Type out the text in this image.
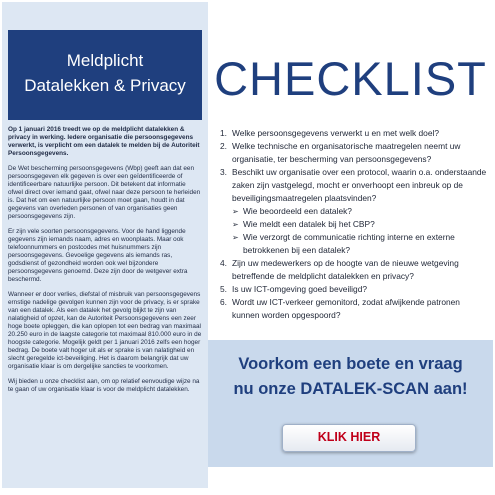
Meldplicht
Datalekken & Privacy

Op 1 januari 2016 treedt we op de meldplicht datalekken & privacy in werking. Iedere organisatie die persoonsgegevens verwerkt, is verplicht om een datalek te melden bij de Autoriteit Persoonsgegevens.

De Wet bescherming persoonsgegevens (Wbp) geeft aan dat een persoonsgegeven elk gegeven is over een geïdentificeerde of identificeerbare natuurlijke persoon. Dit betekent dat informatie ofwel direct over iemand gaat, ofwel naar deze persoon te herleiden is. Dat het om een natuurlijke persoon moet gaan, houdt in dat gegevens van overleden personen of van organisaties geen persoonsgegevens zijn.

Er zijn vele soorten persoonsgegevens. Voor de hand liggende gegevens zijn iemands naam, adres en woonplaats. Maar ook telefoonnummers en postcodes met huisnummers zijn persoonsgegevens. Gevoelige gegevens als iemands ras, godsdienst of gezondheid worden ook wel bijzondere persoonsgegevens genoemd. Deze zijn door de wetgever extra beschermd.

Wanneer er door verlies, diefstal of misbruik van persoonsgegevens ernstige nadelige gevolgen kunnen zijn voor de privacy, is er sprake van een datalek. Als een datalek het gevolg blijkt te zijn van nalatigheid of opzet, kan de Autoriteit Persoonsgegevens een zeer hoge boete opleggen, die kan oplopen tot een bedrag van maximaal 20.250 euro in de laagste categorie tot maximaal 810.000 euro in de hoogste categorie. Mogelijk geldt per 1 januari 2016 zelfs een hoger bedrag. De boete valt hoger uit als er sprake is van nalatigheid en slecht geregelde ict-beveiliging. Het is daarom belangrijk dat uw organisatie klaar is om dergelijke sancties te voorkomen.

Wij bieden u onze checklist aan, om op relatief eenvoudige wijze na te gaan of uw organisatie klaar is voor de meldplicht datalekken.

CHECKLIST
1. Welke persoonsgegevens verwerkt u en met welk doel?
2. Welke technische en organisatorische maatregelen neemt uw organisatie, ter bescherming van persoonsgegevens?
3. Beschikt uw organisatie over een protocol, waarin o.a. onderstaande zaken zijn vastgelegd, mocht er onverhoopt een inbreuk op de beveiligingsmaatregelen plaatsvinden?
➢ Wie beoordeeld een datalek?
➢ Wie meldt een datalek bij het CBP?
➢ Wie verzorgt de communicatie richting interne en externe betrokkenen bij een datalek?
4. Zijn uw medewerkers op de hoogte van de nieuwe wetgeving betreffende de meldplicht datalekken en privacy?
5. Is uw ICT-omgeving goed beveiligd?
6. Wordt uw ICT-verkeer gemonitord, zodat afwijkende patronen kunnen worden opgespoord?
Voorkom een boete en vraag
nu onze DATALEK-SCAN aan!
KLIK HIER
